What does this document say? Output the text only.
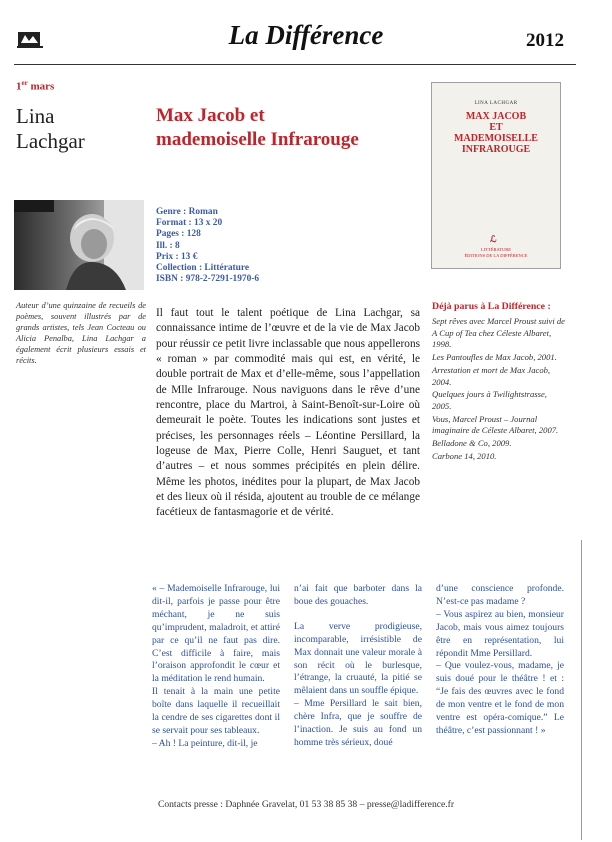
La Différence	2012
1er mars
Lina
Lachgar
Max Jacob et
mademoiselle Infrarouge
LINA LACHGAR
MAX JACOB
ET
MADEMOISELLE
INFRAROUGE
ℒ
LITTÉRATURE
ÉDITIONS DE LA DIFFÉRENCE
Auteur d’une quinzaine de recueils de poèmes, souvent illustrés par de grands artistes, tels Jean Cocteau ou Alicia Penalba, Lina Lachgar a également écrit plusieurs essais et récits.
Genre : Roman
Format : 13 x 20
Pages : 128
Ill. : 8
Prix : 13 €
Collection : Littérature
ISBN : 978-2-7291-1970-6

Il faut tout le talent poétique de Lina Lachgar, sa connaissance intime de l’œuvre et de la vie de Max Jacob pour réussir ce petit livre inclassable que nous appellerons « roman » par commodité mais qui est, en vérité, le double portrait de Max et d’elle-même, sous l’appellation de Mlle Infrarouge. Nous naviguons dans le rêve d’une rencontre, place du Martroi, à Saint-Benoît-sur-Loire où demeurait le poète. Toutes les indications sont justes et précises, les personnages réels – Léontine Persillard, la logeuse de Max, Pierre Colle, Henri Sauguet, et tant d’autres – et nous sommes précipités en plein délire. Même les photos, inédites pour la plupart, de Max Jacob et des lieux où il résida, ajoutent au trouble de ce mélange facétieux de fantasmagorie et de vérité.

Déjà parus à La Différence :
Sept rêves avec Marcel Proust suivi de A Cup of Tea chez Céleste Albaret, 1998.
Les Pantoufles de Max Jacob, 2001.
Arrestation et mort de Max Jacob, 2004.
Quelques jours à Twilightstrasse, 2005.
Vous, Marcel Proust – Journal imaginaire de Céleste Albaret, 2007.
Belladone & Co, 2009.
Carbone 14, 2010.

« – Mademoiselle Infrarouge, lui dit-il, parfois je passe pour être méchant, je ne suis qu’imprudent, maladroit, et attiré par ce qu’il ne faut pas dire. C’est difficile à faire, mais l’oraison approfondit le cœur et la méditation le rend humain.

Il tenait à la main une petite boîte dans laquelle il recueillait la cendre de ses cigarettes dont il se servait pour ses tableaux.

– Ah ! La peinture, dit-il, je

n’ai fait que barboter dans la boue des gouaches.

La verve prodigieuse, incomparable, irrésistible de Max donnait une valeur morale à son récit où le burlesque, l’étrange, la cruauté, la pitié se mêlaient dans un souffle épique.

– Mme Persillard le sait bien, chère Infra, que je souffre de l’inaction. Je suis au fond un homme très sérieux, doué

d’une conscience profonde. N’est-ce pas madame ?

– Vous aspirez au bien, monsieur Jacob, mais vous aimez toujours être en représentation, lui répondit Mme Persillard.

– Que voulez-vous, madame, je suis doué pour le théâtre ! et : “Je fais des œuvres avec le fond de mon ventre et le fond de mon ventre est opéra-comique.” Le théâtre, c’est passionnant ! »

Contacts presse : Daphnée Gravelat, 01 53 38 85 38 – presse@ladifference.fr
